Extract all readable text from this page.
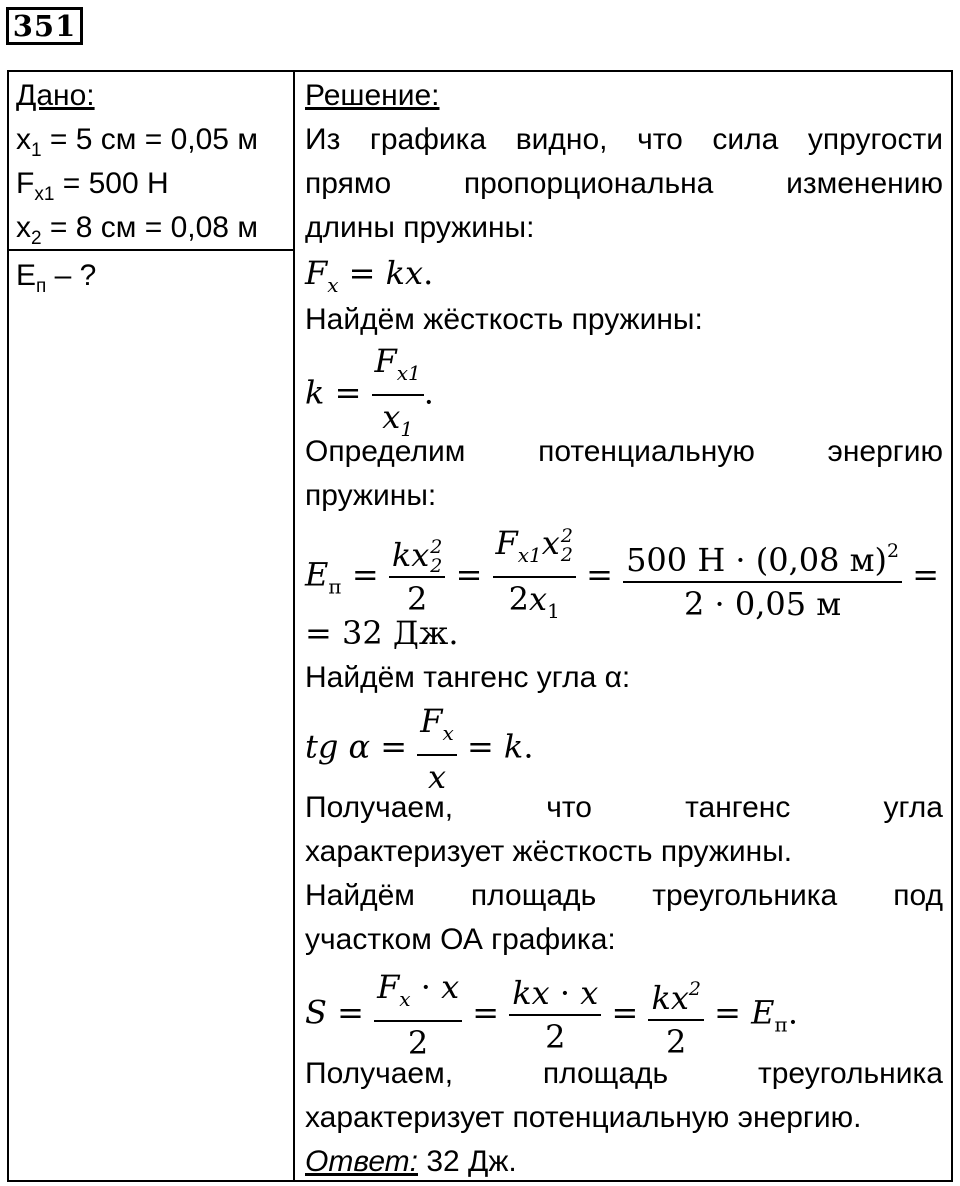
351
Дано:
$x_1 = 5$ см = 0,05 м
$F_{x1} = 500$ Н
$x_2 = 8$ см = 0,08 м
$E_п$ – ?
Решение:
Из графика видно, что сила упругости
прямо пропорциональна изменению
длины пружины:
$F_x$ = kx.
Найдём жёсткость пружины:
$k = \frac{F_{x1}}{x_1}$ .
Определим потенциальную энергию
пружины:
$E_п$ = kx 2
2
$2 = F_{x1}x$ 2
2
$2x_1 = \frac{500 Н \cdot (0,08 м)^2}{2 \cdot 0,05 м}$ =
= 32 Дж.
Найдём тангенс угла α:
tg $\alpha = \frac{F_x}{x} = k$.
Получаем,	что	тангенс	угла
характеризует жёсткость пружины.
Найдём площадь треугольника под
участком ОА графика:
$S = \frac{F_x \cdot x}{2} = \frac{kx \cdot x}{2} = \frac{kx^2}{2} = E_п$.
Получаем,	площадь	треугольника
характеризует потенциальную энергию.
Ответ: 32 Дж.
